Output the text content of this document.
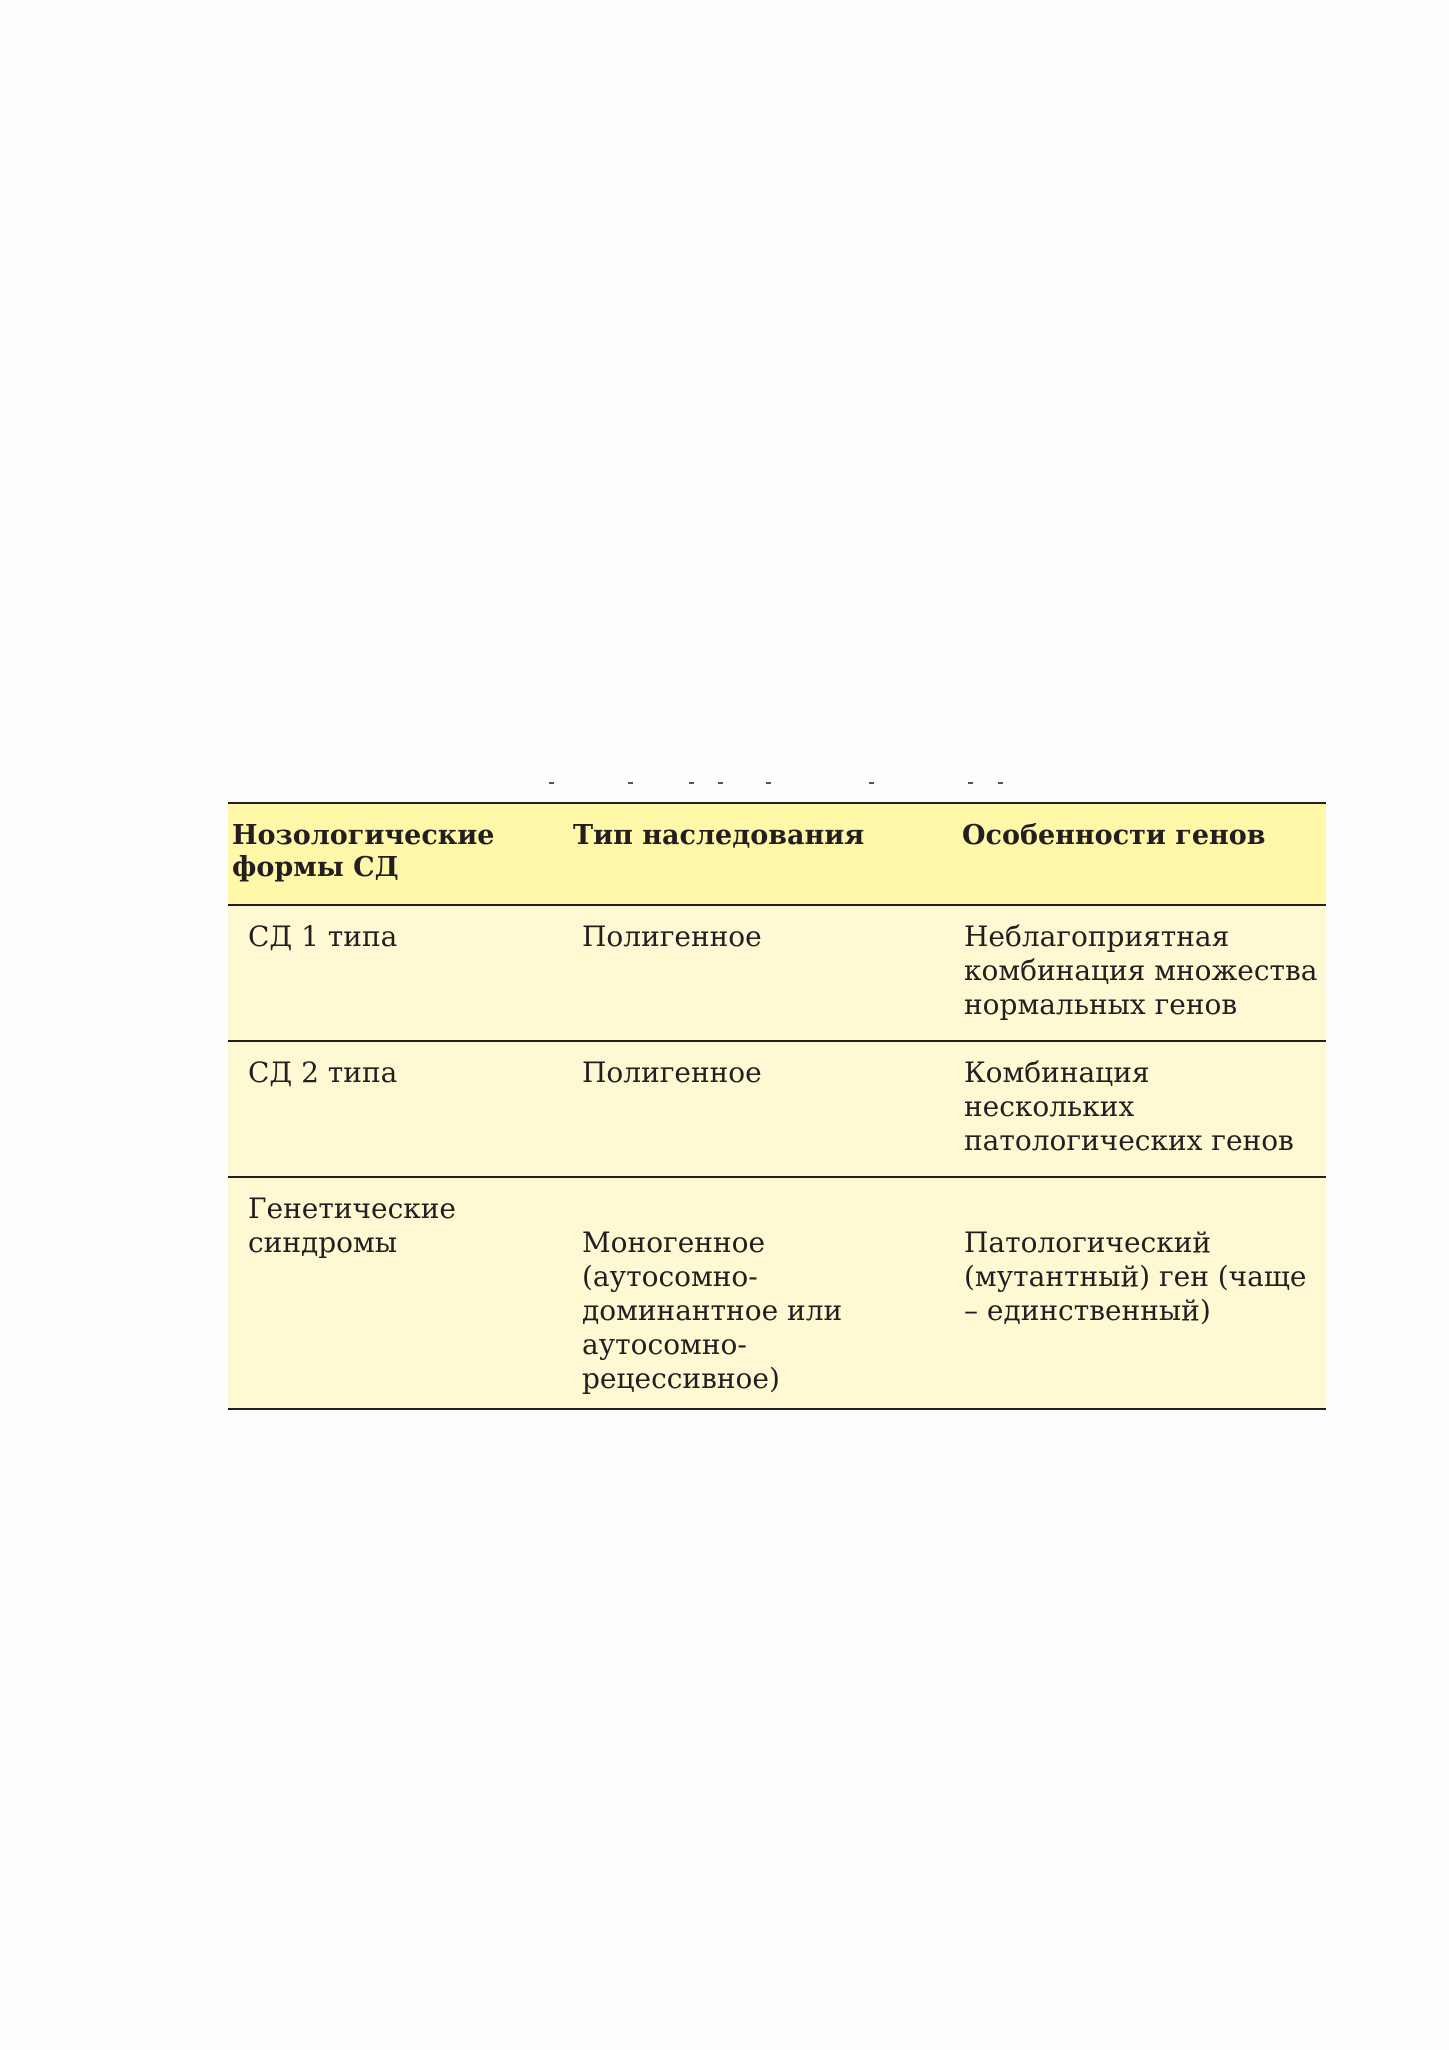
Нозологические формы СД	Тип наследования	Особенности генов
СД 1 типа	Полигенное	Неблагоприятная комбинация множества нормальных генов
СД 2 типа	Полигенное	Комбинация нескольких патологических генов
Генетические синдромы	Моногенное (аутосомно-доминантное или аутосомно-рецессивное)	Патологический (мутантный) ген (чаще – единственный)
